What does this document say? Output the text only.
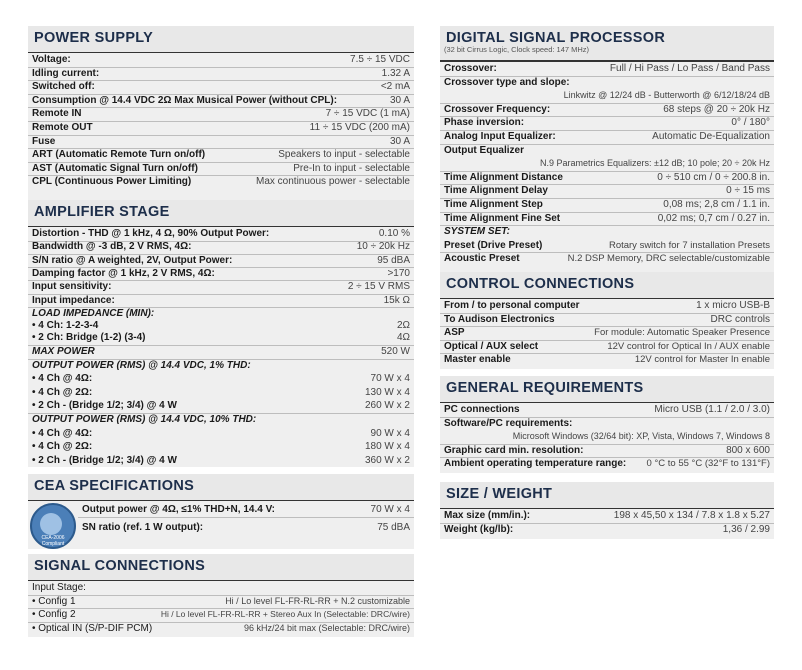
POWER SUPPLY
Voltage:	7.5 ÷ 15 VDC
Idling current:	1.32 A
Switched off:	<2 mA
Consumption @ 14.4 VDC 2Ω Max Musical Power (without CPL):	30 A
Remote IN	7 ÷ 15 VDC (1 mA)
Remote OUT	11 ÷ 15 VDC (200 mA)
Fuse	30 A
ART (Automatic Remote Turn on/off)	Speakers to input - selectable
AST (Automatic Signal Turn on/off)	Pre-In to input - selectable
CPL (Continuous Power Limiting)	Max continuous power - selectable
AMPLIFIER STAGE
Distortion - THD @ 1 kHz, 4 Ω, 90% Output Power:	0.10 %
Bandwidth @ -3 dB, 2 V RMS, 4Ω:	10 ÷ 20k Hz
S/N ratio @ A weighted, 2V, Output Power:	95 dBA
Damping factor @ 1 kHz, 2 V RMS, 4Ω:	>170
Input sensitivity:	2 ÷ 15 V RMS
Input impedance:	15k Ω
LOAD IMPEDANCE (MIN):
• 4 Ch: 1-2-3-4	2Ω
• 2 Ch: Bridge (1-2) (3-4)	4Ω
MAX POWER	520 W
OUTPUT POWER (RMS) @ 14.4 VDC, 1% THD:
• 4 Ch @ 4Ω:	70 W x 4
• 4 Ch @ 2Ω:	130 W x 4
• 2 Ch - (Bridge 1/2; 3/4) @ 4 W	260 W x 2
OUTPUT POWER (RMS) @ 14.4 VDC, 10% THD:
• 4 Ch @ 4Ω:	90 W x 4
• 4 Ch @ 2Ω:	180 W x 4
• 2 Ch - (Bridge 1/2; 3/4) @ 4 W	360 W x 2
CEA SPECIFICATIONS
CEA-2006 Compliant
Output power @ 4Ω, ≤1% THD+N, 14.4 V:	70 W x 4
SN ratio (ref. 1 W output):	75 dBA
SIGNAL CONNECTIONS
Input Stage:
• Config 1	Hi / Lo level FL-FR-RL-RR + N.2 customizable
• Config 2	Hi / Lo level FL-FR-RL-RR + Stereo Aux In (Selectable: DRC/wire)
• Optical IN (S/P-DIF PCM)	96 kHz/24 bit max (Selectable: DRC/wire)
DIGITAL SIGNAL PROCESSOR
(32 bit Cirrus Logic, Clock speed: 147 MHz)
Crossover:	Full / Hi Pass / Lo Pass / Band Pass
Crossover type and slope:
Linkwitz @ 12/24 dB - Butterworth @ 6/12/18/24 dB
Crossover Frequency:	68 steps @ 20 ÷ 20k Hz
Phase inversion:	0° / 180°
Analog Input Equalizer:	Automatic De-Equalization
Output Equalizer
N.9 Parametrics Equalizers: ±12 dB; 10 pole; 20 ÷ 20k Hz
Time Alignment Distance	0 ÷ 510 cm / 0 ÷ 200.8 in.
Time Alignment Delay	0 ÷ 15 ms
Time Alignment Step	0,08 ms; 2,8 cm / 1.1 in.
Time Alignment Fine Set	0,02 ms; 0,7 cm / 0.27 in.
SYSTEM SET:
Preset (Drive Preset)	Rotary switch for 7 installation Presets
Acoustic Preset	N.2 DSP Memory, DRC selectable/customizable
CONTROL CONNECTIONS
From / to personal computer	1 x micro USB-B
To Audison Electronics	DRC controls
ASP	For module: Automatic Speaker Presence
Optical / AUX select	12V control for Optical In / AUX enable
Master enable	12V control for Master In enable
GENERAL REQUIREMENTS
PC connections	Micro USB (1.1 / 2.0 / 3.0)
Software/PC requirements:
Microsoft Windows (32/64 bit): XP, Vista, Windows 7, Windows 8
Graphic card min. resolution:	800 x 600
Ambient operating temperature range: 0 °C to 55 °C (32°F to 131°F)
SIZE / WEIGHT
Max size (mm/in.):	198 x 45,50 x 134 / 7.8 x 1.8 x 5.27
Weight (kg/lb):	1,36 / 2.99
